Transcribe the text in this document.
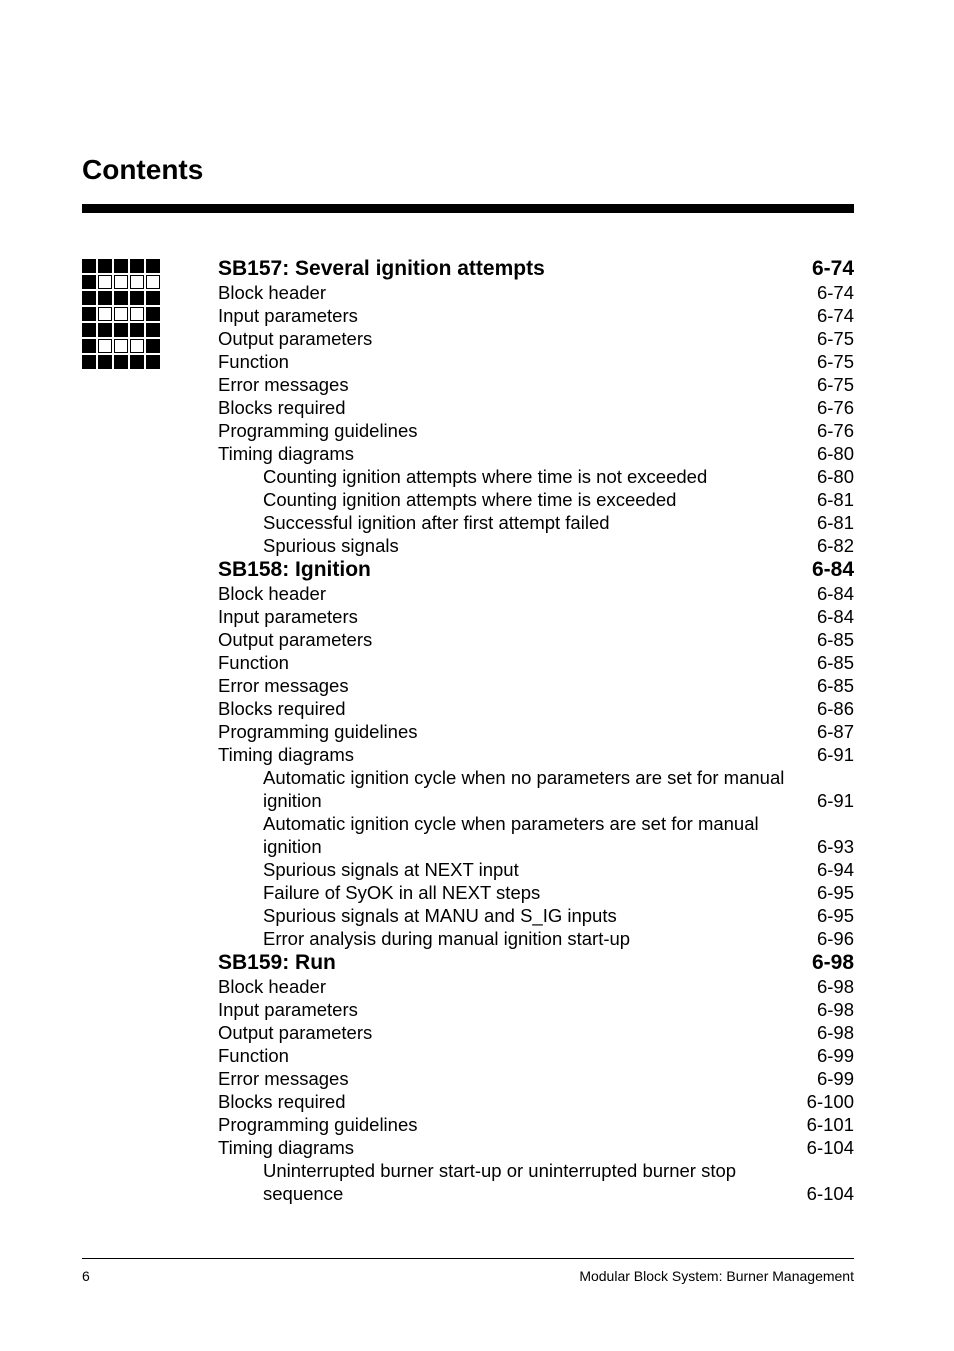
Contents
SB157: Several ignition attempts	6-74
Block header	6-74
Input parameters	6-74
Output parameters	6-75
Function	6-75
Error messages	6-75
Blocks required	6-76
Programming guidelines	6-76
Timing diagrams	6-80
Counting ignition attempts where time is not exceeded	6-80
Counting ignition attempts where time is exceeded	6-81
Successful ignition after first attempt failed	6-81
Spurious signals	6-82
SB158: Ignition	6-84
Block header	6-84
Input parameters	6-84
Output parameters	6-85
Function	6-85
Error messages	6-85
Blocks required	6-86
Programming guidelines	6-87
Timing diagrams	6-91
Automatic ignition cycle when no parameters are set for manual ignition	6-91
Automatic ignition cycle when parameters are set for manual ignition	6-93
Spurious signals at NEXT input	6-94
Failure of SyOK in all NEXT steps	6-95
Spurious signals at MANU and S_IG inputs	6-95
Error analysis during manual ignition start-up	6-96
SB159: Run	6-98
Block header	6-98
Input parameters	6-98
Output parameters	6-98
Function	6-99
Error messages	6-99
Blocks required	6-100
Programming guidelines	6-101
Timing diagrams	6-104
Uninterrupted burner start-up or uninterrupted burner stop sequence	6-104
6	Modular Block System: Burner Management
